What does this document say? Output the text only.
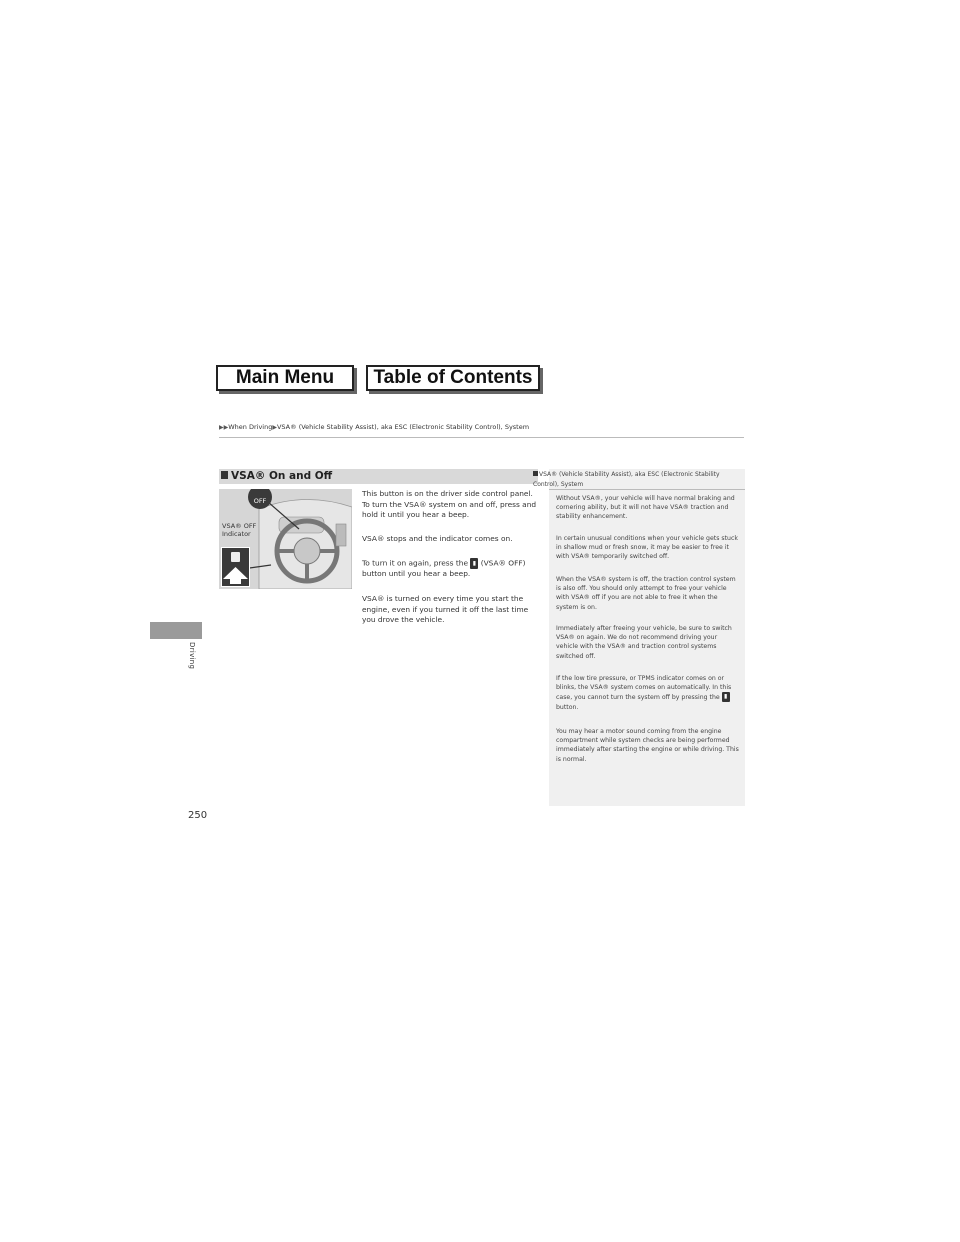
Main Menu	Table of Contents
▶▶When Driving▶VSA® (Vehicle Stability Assist), aka ESC (Electronic Stability Control), System
Driving
250
VSA® On and Off
OFF
VSA® OFF
Indicator
This button is on the driver side control panel. To turn the VSA® system on and off, press and hold it until you hear a beep.
VSA® stops and the indicator comes on.
To turn it on again, press the ▮ (VSA® OFF) button until you hear a beep.
VSA® is turned on every time you start the engine, even if you turned it off the last time you drove the vehicle.
VSA® (Vehicle Stability Assist), aka ESC (Electronic Stability Control), System

Without VSA®, your vehicle will have normal braking and cornering ability, but it will not have VSA® traction and stability enhancement.

In certain unusual conditions when your vehicle gets stuck in shallow mud or fresh snow, it may be easier to free it with VSA® temporarily switched off.

When the VSA® system is off, the traction control system is also off. You should only attempt to free your vehicle with VSA® off if you are not able to free it when the system is on.

Immediately after freeing your vehicle, be sure to switch VSA® on again. We do not recommend driving your vehicle with the VSA® and traction control systems switched off.

If the low tire pressure, or TPMS indicator comes on or blinks, the VSA® system comes on automatically. In this case, you cannot turn the system off by pressing the ▮ button.

You may hear a motor sound coming from the engine compartment while system checks are being performed immediately after starting the engine or while driving. This is normal.
